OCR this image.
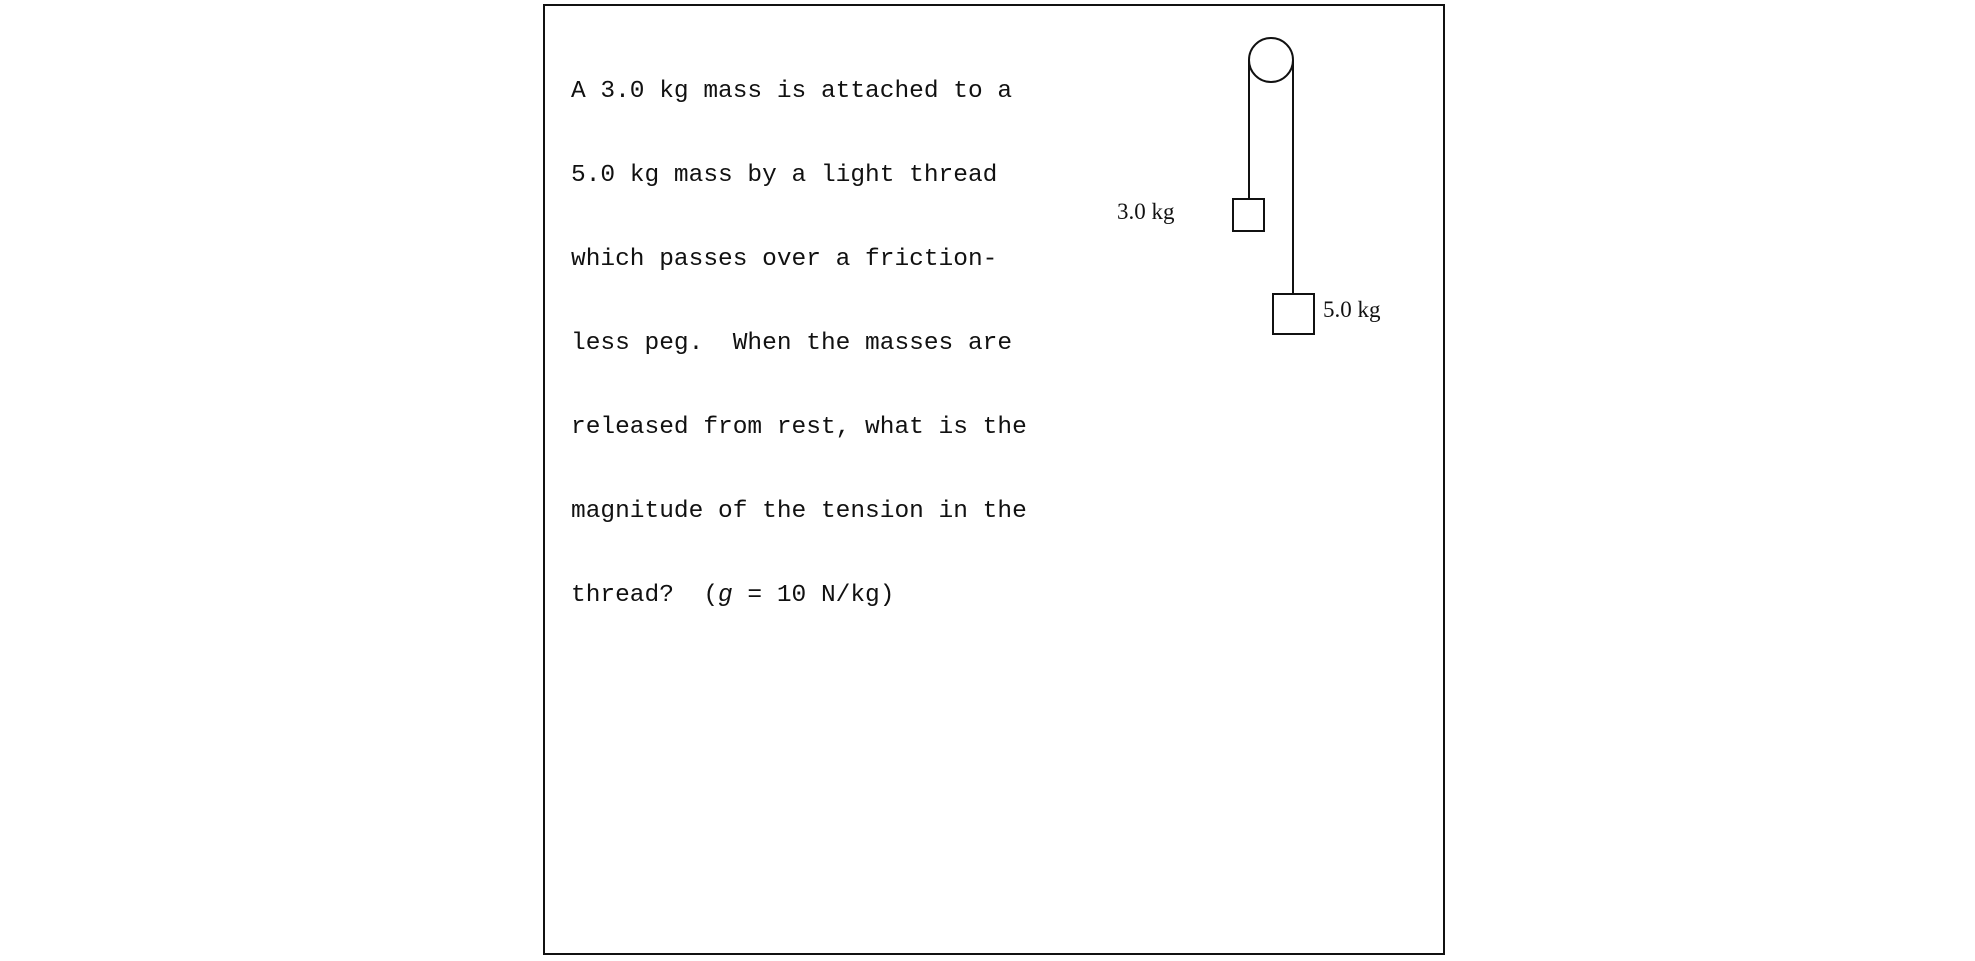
A 3.0 kg mass is attached to a

5.0 kg mass by a light thread

which passes over a friction-

less peg.  When the masses are

released from rest, what is the

magnitude of the tension in the

thread?  (g = 10 N/kg)

3.0 kg
5.0 kg
